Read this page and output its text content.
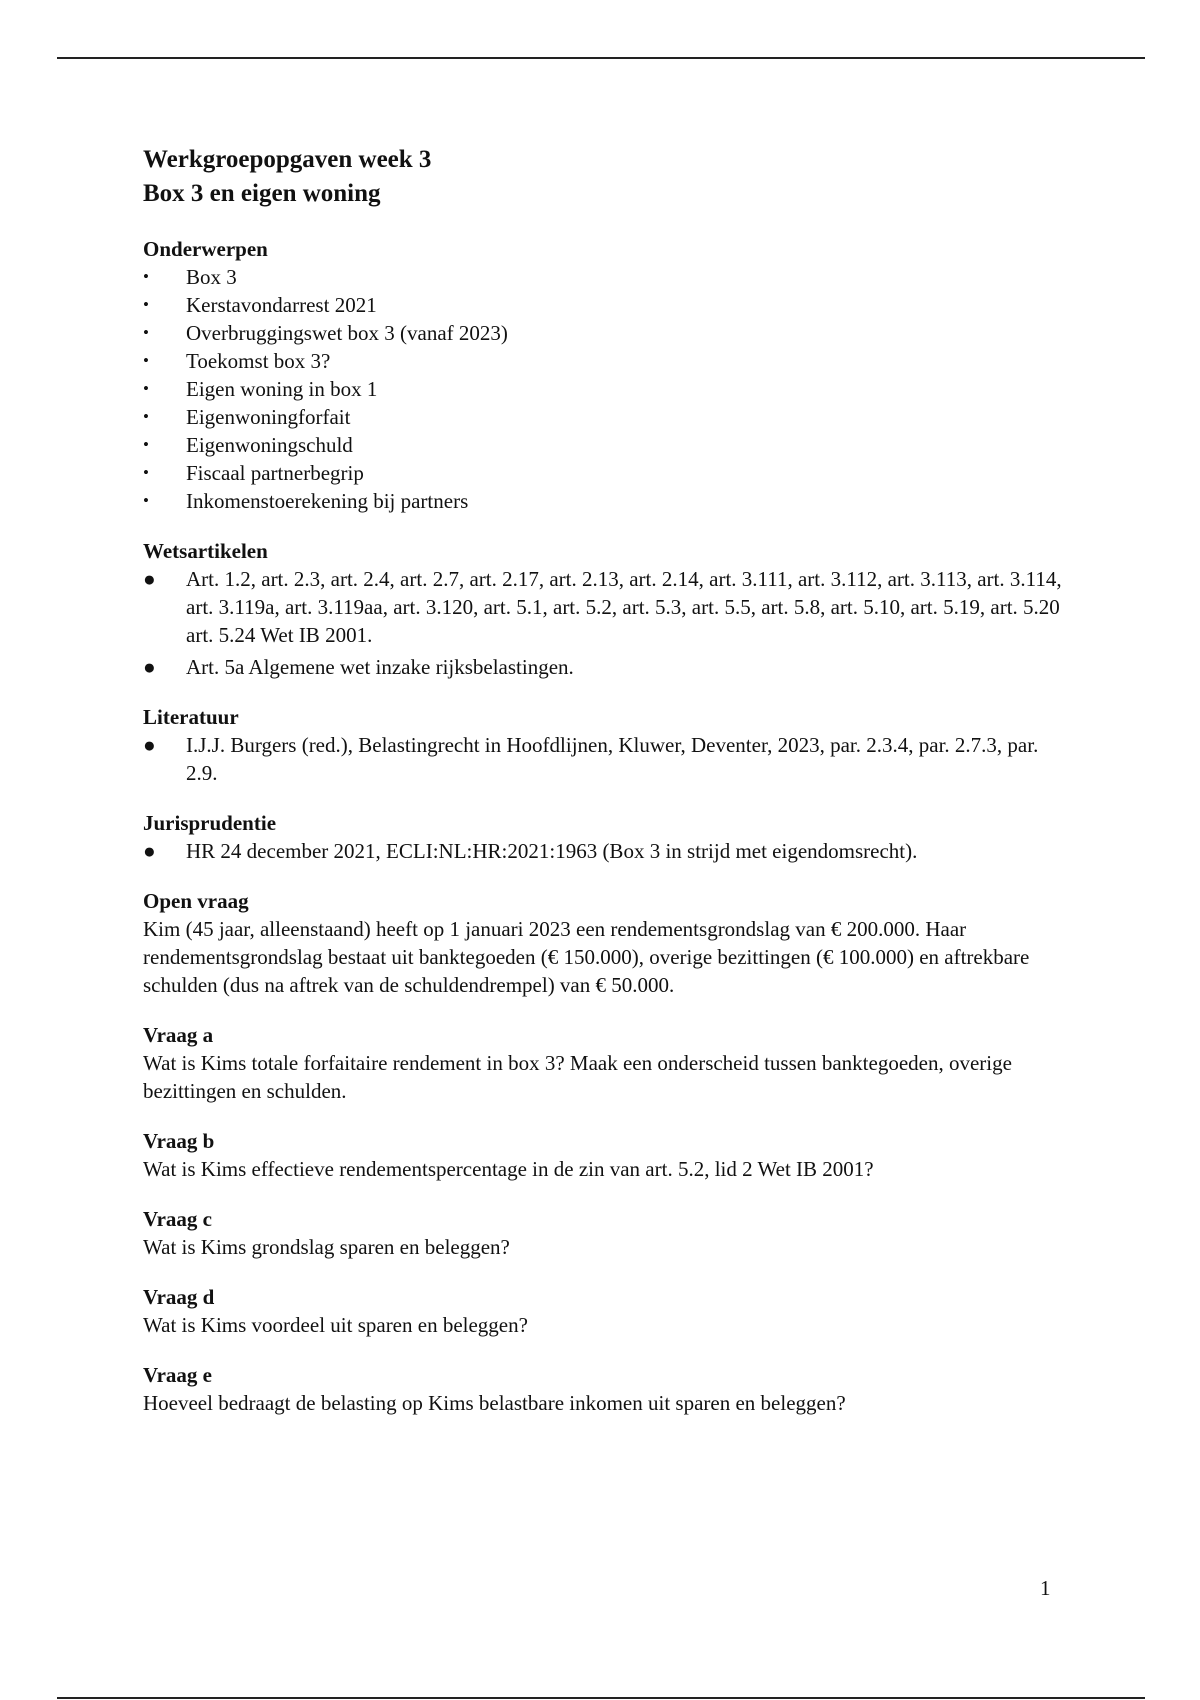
Werkgroepopgaven week 3
Box 3 en eigen woning
Onderwerpen
•	Box 3
•	Kerstavondarrest 2021
•	Overbruggingswet box 3 (vanaf 2023)
•	Toekomst box 3?
•	Eigen woning in box 1
•	Eigenwoningforfait
•	Eigenwoningschuld
•	Fiscaal partnerbegrip
•	Inkomenstoerekening bij partners
Wetsartikelen
●	Art. 1.2, art. 2.3, art. 2.4, art. 2.7, art. 2.17, art. 2.13, art. 2.14, art. 3.111, art. 3.112, art. 3.113, art. 3.114, art. 3.119a, art. 3.119aa, art. 3.120, art. 5.1, art. 5.2, art. 5.3, art. 5.5, art. 5.8, art. 5.10, art. 5.19, art. 5.20 art. 5.24 Wet IB 2001.
●	Art. 5a Algemene wet inzake rijksbelastingen.
Literatuur
●	I.J.J. Burgers (red.), Belastingrecht in Hoofdlijnen, Kluwer, Deventer, 2023, par. 2.3.4, par. 2.7.3, par. 2.9.
Jurisprudentie
●	HR 24 december 2021, ECLI:NL:HR:2021:1963 (Box 3 in strijd met eigendomsrecht).
Open vraag

Kim (45 jaar, alleenstaand) heeft op 1 januari 2023 een rendementsgrondslag van € 200.000. Haar rendementsgrondslag bestaat uit banktegoeden (€ 150.000), overige bezittingen (€ 100.000) en aftrekbare schulden (dus na aftrek van de schuldendrempel) van € 50.000.

Vraag a

Wat is Kims totale forfaitaire rendement in box 3? Maak een onderscheid tussen banktegoeden, overige bezittingen en schulden.

Vraag b

Wat is Kims effectieve rendementspercentage in de zin van art. 5.2, lid 2 Wet IB 2001?

Vraag c

Wat is Kims grondslag sparen en beleggen?

Vraag d

Wat is Kims voordeel uit sparen en beleggen?

Vraag e

Hoeveel bedraagt de belasting op Kims belastbare inkomen uit sparen en beleggen?

1
